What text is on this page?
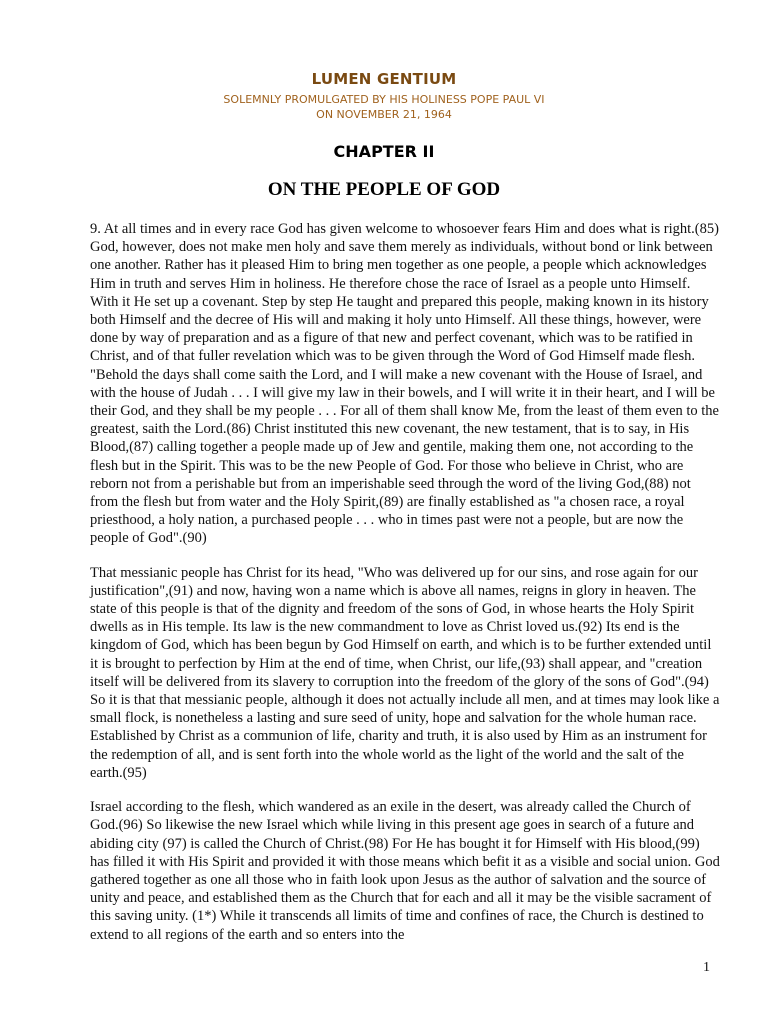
LUMEN GENTIUM
SOLEMNLY PROMULGATED BY HIS HOLINESS POPE PAUL VI
ON NOVEMBER 21, 1964
CHAPTER II
ON THE PEOPLE OF GOD

9. At all times and in every race God has given welcome to whosoever fears Him and does what is right.(85) God, however, does not make men holy and save them merely as individuals, without bond or link between one another. Rather has it pleased Him to bring men together as one people, a people which acknowledges Him in truth and serves Him in holiness. He therefore chose the race of Israel as a people unto Himself. With it He set up a covenant. Step by step He taught and prepared this people, making known in its history both Himself and the decree of His will and making it holy unto Himself. All these things, however, were done by way of preparation and as a figure of that new and perfect covenant, which was to be ratified in Christ, and of that fuller revelation which was to be given through the Word of God Himself made flesh. "Behold the days shall come saith the Lord, and I will make a new covenant with the House of Israel, and with the house of Judah . . . I will give my law in their bowels, and I will write it in their heart, and I will be their God, and they shall be my people . . . For all of them shall know Me, from the least of them even to the greatest, saith the Lord.(86) Christ instituted this new covenant, the new testament, that is to say, in His Blood,(87) calling together a people made up of Jew and gentile, making them one, not according to the flesh but in the Spirit. This was to be the new People of God. For those who believe in Christ, who are reborn not from a perishable but from an imperishable seed through the word of the living God,(88) not from the flesh but from water and the Holy Spirit,(89) are finally established as "a chosen race, a royal priesthood, a holy nation, a purchased people . . . who in times past were not a people, but are now the people of God".(90)

That messianic people has Christ for its head, "Who was delivered up for our sins, and rose again for our justification",(91) and now, having won a name which is above all names, reigns in glory in heaven. The state of this people is that of the dignity and freedom of the sons of God, in whose hearts the Holy Spirit dwells as in His temple. Its law is the new commandment to love as Christ loved us.(92) Its end is the kingdom of God, which has been begun by God Himself on earth, and which is to be further extended until it is brought to perfection by Him at the end of time, when Christ, our life,(93) shall appear, and "creation itself will be delivered from its slavery to corruption into the freedom of the glory of the sons of God".(94) So it is that that messianic people, although it does not actually include all men, and at times may look like a small flock, is nonetheless a lasting and sure seed of unity, hope and salvation for the whole human race. Established by Christ as a communion of life, charity and truth, it is also used by Him as an instrument for the redemption of all, and is sent forth into the whole world as the light of the world and the salt of the earth.(95)

Israel according to the flesh, which wandered as an exile in the desert, was already called the Church of God.(96) So likewise the new Israel which while living in this present age goes in search of a future and abiding city (97) is called the Church of Christ.(98) For He has bought it for Himself with His blood,(99) has filled it with His Spirit and provided it with those means which befit it as a visible and social union. God gathered together as one all those who in faith look upon Jesus as the author of salvation and the source of unity and peace, and established them as the Church that for each and all it may be the visible sacrament of this saving unity. (1*) While it transcends all limits of time and confines of race, the Church is destined to extend to all regions of the earth and so enters into the

1
